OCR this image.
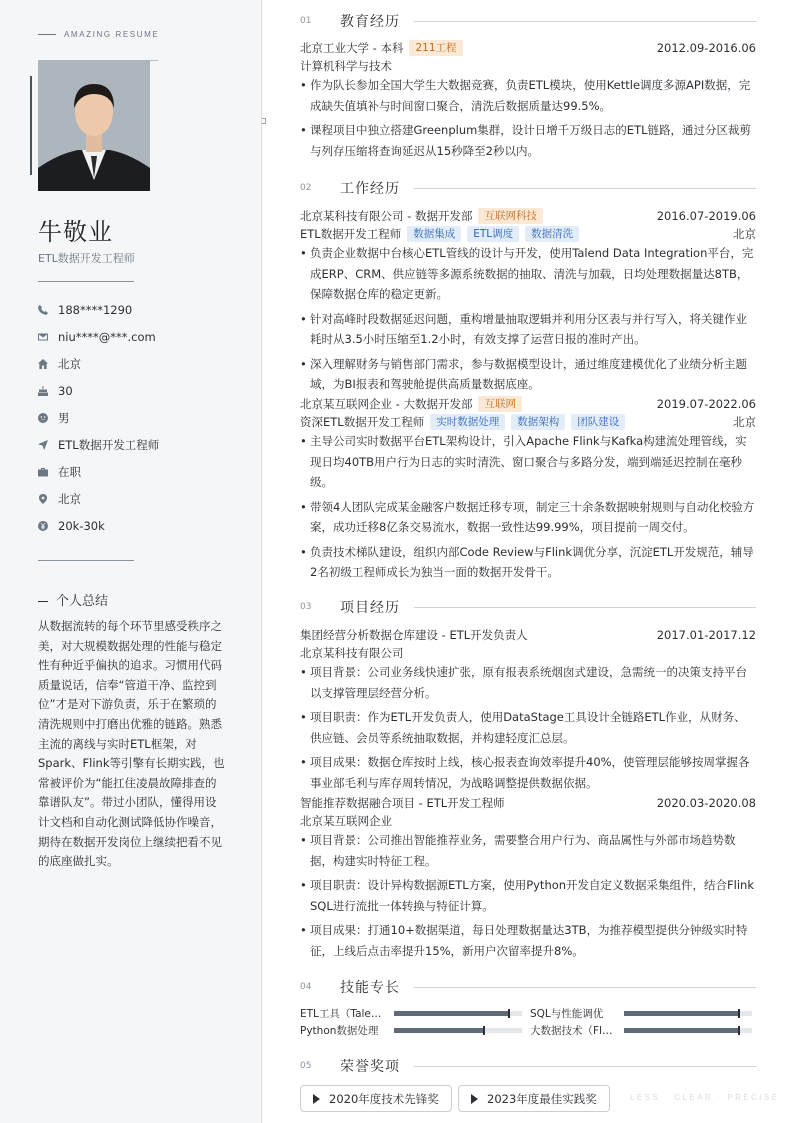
AMAZING RESUME
牛敬业
ETL数据开发工程师
188****1290
niu****@***.com
北京
30
男
ETL数据开发工程师
在职
北京
20k-30k
个人总结
从数据流转的每个环节里感受秩序之美，对大规模数据处理的性能与稳定性有种近乎偏执的追求。习惯用代码质量说话，信奉“管道干净、监控到位”才是对下游负责，乐于在繁琐的清洗规则中打磨出优雅的链路。熟悉主流的离线与实时ETL框架，对Spark、Flink等引擎有长期实践，也常被评价为“能扛住凌晨故障排查的靠谱队友”。带过小团队，懂得用设计文档和自动化测试降低协作噪音，期待在数据开发岗位上继续把看不见的底座做扎实。
01	教育经历
北京工业大学 - 本科	211工程	2012.09-2016.06
计算机科学与技术
• 作为队长参加全国大学生大数据竞赛，负责ETL模块，使用Kettle调度多源API数据，完成缺失值填补与时间窗口聚合，清洗后数据质量达99.5%。
• 课程项目中独立搭建Greenplum集群，设计日增千万级日志的ETL链路，通过分区裁剪与列存压缩将查询延迟从15秒降至2秒以内。
02	工作经历
北京某科技有限公司 - 数据开发部	互联网科技	2016.07-2019.06
ETL数据开发工程师	数据集成	ETL调度	数据清洗	北京
• 负责企业数据中台核心ETL管线的设计与开发，使用Talend Data Integration平台，完成ERP、CRM、供应链等多源系统数据的抽取、清洗与加载，日均处理数据量达8TB，保障数据仓库的稳定更新。
• 针对高峰时段数据延迟问题，重构增量抽取逻辑并利用分区表与并行写入，将关键作业耗时从3.5小时压缩至1.2小时，有效支撑了运营日报的准时产出。
• 深入理解财务与销售部门需求，参与数据模型设计，通过维度建模优化了业绩分析主题域，为BI报表和驾驶舱提供高质量数据底座。
北京某互联网企业 - 大数据开发部	互联网	2019.07-2022.06
资深ETL数据开发工程师	实时数据处理	数据架构	团队建设	北京
• 主导公司实时数据平台ETL架构设计，引入Apache Flink与Kafka构建流处理管线，实现日均40TB用户行为日志的实时清洗、窗口聚合与多路分发，端到端延迟控制在毫秒级。
• 带领4人团队完成某金融客户数据迁移专项，制定三十余条数据映射规则与自动化校验方案，成功迁移8亿条交易流水，数据一致性达99.99%，项目提前一周交付。
• 负责技术梯队建设，组织内部Code Review与Flink调优分享，沉淀ETL开发规范，辅导2名初级工程师成长为独当一面的数据开发骨干。
03	项目经历
集团经营分析数据仓库建设 - ETL开发负责人	2017.01-2017.12
北京某科技有限公司
• 项目背景：公司业务线快速扩张，原有报表系统烟囱式建设，急需统一的决策支持平台以支撑管理层经营分析。
• 项目职责：作为ETL开发负责人，使用DataStage工具设计全链路ETL作业，从财务、供应链、会员等系统抽取数据，并构建轻度汇总层。
• 项目成果：数据仓库按时上线，核心报表查询效率提升40%，使管理层能够按周掌握各事业部毛利与库存周转情况，为战略调整提供数据依据。
智能推荐数据融合项目 - ETL开发工程师	2020.03-2020.08
北京某互联网企业
• 项目背景：公司推出智能推荐业务，需要整合用户行为、商品属性与外部市场趋势数据，构建实时特征工程。
• 项目职责：设计异构数据源ETL方案，使用Python开发自定义数据采集组件，结合Flink SQL进行流批一体转换与特征计算。
• 项目成果：打通10+数据渠道，每日处理数据量达3TB，为推荐模型提供分钟级实时特征，上线后点击率提升15%，新用户次留率提升8%。
04	技能专长
ETL工具（Tale…	SQL与性能调优
Python数据处理	大数据技术（Fl…
05	荣誉奖项
2020年度技术先锋奖	2023年度最佳实践奖	LESS · CLEAR · PRECISE
